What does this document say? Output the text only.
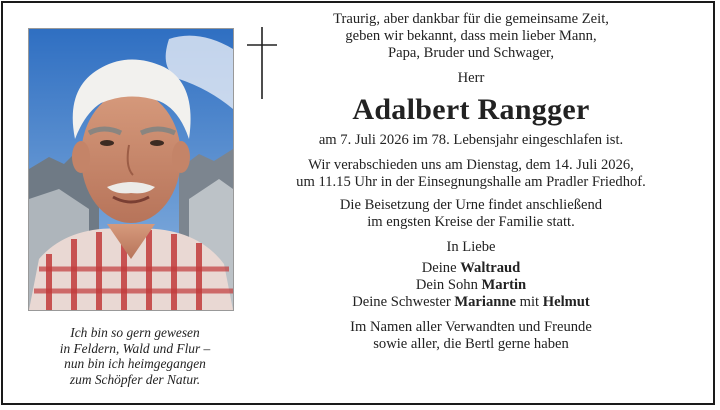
Ich bin so gern gewesen
in Feldern, Wald und Flur –
nun bin ich heimgegangen
zum Schöpfer der Natur.
Traurig, aber dankbar für die gemeinsame Zeit,
geben wir bekannt, dass mein lieber Mann,
Papa, Bruder und Schwager,
Herr
Adalbert Rangger
am 7. Juli 2026 im 78. Lebensjahr eingeschlafen ist.
Wir verabschieden uns am Dienstag, dem 14. Juli 2026,
um 11.15 Uhr in der Einsegnungshalle am Pradler Friedhof.
Die Beisetzung der Urne findet anschließend
im engsten Kreise der Familie statt.
In Liebe
Deine Waltraud
Dein Sohn Martin
Deine Schwester Marianne mit Helmut
Im Namen aller Verwandten und Freunde
sowie aller, die Bertl gerne haben
